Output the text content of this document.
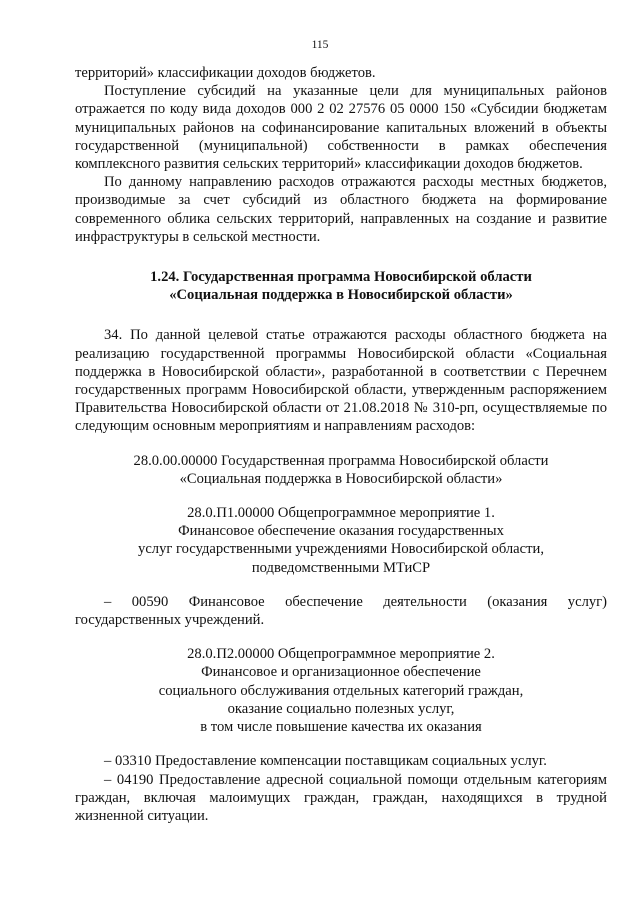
115

территорий» классификации доходов бюджетов.

Поступление субсидий на указанные цели для муниципальных районов отражается по коду вида доходов 000 2 02 27576 05 0000 150 «Субсидии бюджетам муниципальных районов на софинансирование капитальных вложений в объекты государственной (муниципальной) собственности в рамках обеспечения комплексного развития сельских территорий» классификации доходов бюджетов.

По данному направлению расходов отражаются расходы местных бюджетов, производимые за счет субсидий из областного бюджета на формирование современного облика сельских территорий, направленных на создание и развитие инфраструктуры в сельской местности.

1.24. Государственная программа Новосибирской области
«Социальная поддержка в Новосибирской области»

34. По данной целевой статье отражаются расходы областного бюджета на реализацию государственной программы Новосибирской области «Социальная поддержка в Новосибирской области», разработанной в соответствии с Перечнем государственных программ Новосибирской области, утвержденным распоряжением Правительства Новосибирской области от 21.08.2018 № 310-рп, осуществляемые по следующим основным мероприятиям и направлениям расходов:

28.0.00.00000 Государственная программа Новосибирской области
«Социальная поддержка в Новосибирской области»
28.0.П1.00000 Общепрограммное мероприятие 1.
Финансовое обеспечение оказания государственных
услуг государственными учреждениями Новосибирской области,
подведомственными МТиСР

– 00590 Финансовое обеспечение деятельности (оказания услуг) государственных учреждений.

28.0.П2.00000 Общепрограммное мероприятие 2.
Финансовое и организационное обеспечение
социального обслуживания отдельных категорий граждан,
оказание социально полезных услуг,
в том числе повышение качества их оказания

– 03310 Предоставление компенсации поставщикам социальных услуг.

– 04190 Предоставление адресной социальной помощи отдельным категориям граждан, включая малоимущих граждан, граждан, находящихся в трудной жизненной ситуации.
